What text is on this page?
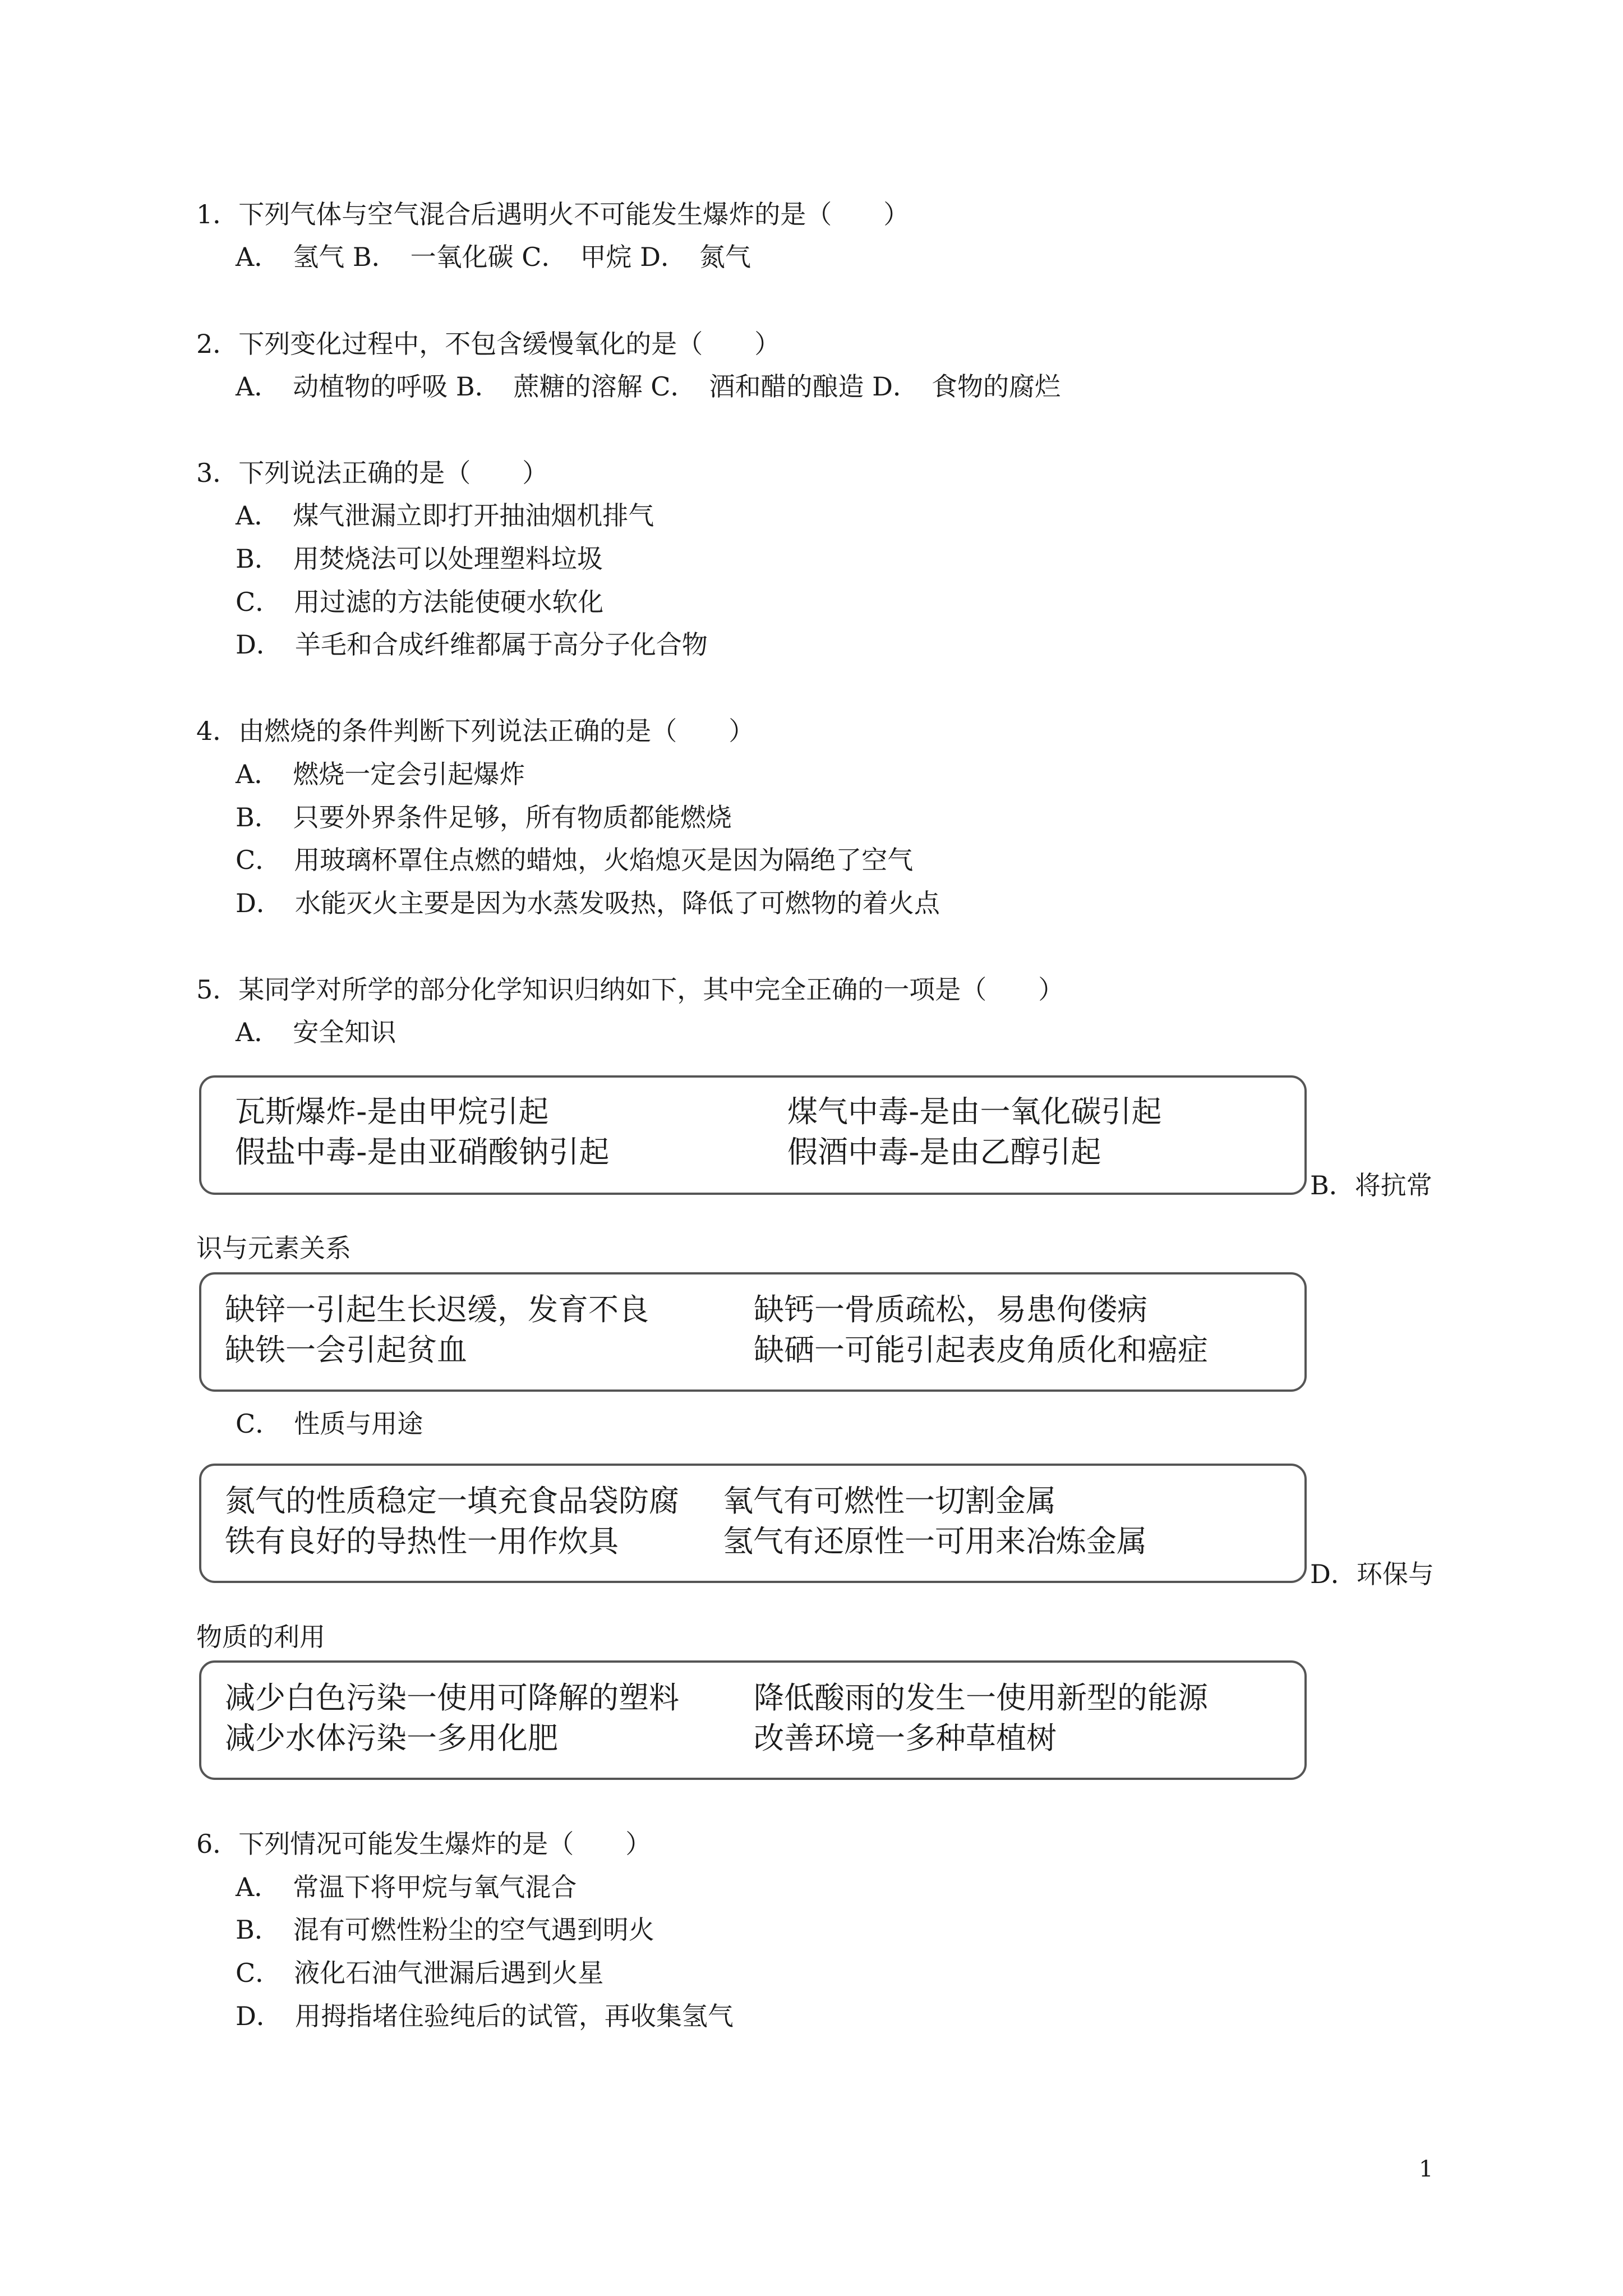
1．下列气体与空气混合后遇明火不可能发生爆炸的是（　　）
A．　氢气 B．　一氧化碳 C．　甲烷 D．　氮气
2．下列变化过程中，不包含缓慢氧化的是（　　）
A．　动植物的呼吸 B．　蔗糖的溶解 C．　酒和醋的酿造 D．　食物的腐烂
3．下列说法正确的是（　　）
A．　煤气泄漏立即打开抽油烟机排气
B．　用焚烧法可以处理塑料垃圾
C．　用过滤的方法能使硬水软化
D．　羊毛和合成纤维都属于高分子化合物
4．由燃烧的条件判断下列说法正确的是（　　）
A．　燃烧一定会引起爆炸
B．　只要外界条件足够，所有物质都能燃烧
C．　用玻璃杯罩住点燃的蜡烛，火焰熄灭是因为隔绝了空气
D．　水能灭火主要是因为水蒸发吸热，降低了可燃物的着火点
5．某同学对所学的部分化学知识归纳如下，其中完全正确的一项是（　　）
A．　安全知识
瓦斯爆炸-是由甲烷引起
假盐中毒-是由亚硝酸钠引起
煤气中毒-是由一氧化碳引起
假酒中毒-是由乙醇引起
B．将抗常
识与元素关系
缺锌一引起生长迟缓，发育不良
缺铁一会引起贫血
缺钙一骨质疏松，易患佝偻病
缺硒一可能引起表皮角质化和癌症
C．　性质与用途
氮气的性质稳定一填充食品袋防腐
铁有良好的导热性一用作炊具
氧气有可燃性一切割金属
氢气有还原性一可用来冶炼金属
D．环保与
物质的利用
减少白色污染一使用可降解的塑料
减少水体污染一多用化肥
降低酸雨的发生一使用新型的能源
改善环境一多种草植树
6．下列情况可能发生爆炸的是（　　）
A．　常温下将甲烷与氧气混合
B．　混有可燃性粉尘的空气遇到明火
C．　液化石油气泄漏后遇到火星
D．　用拇指堵住验纯后的试管，再收集氢气
1
